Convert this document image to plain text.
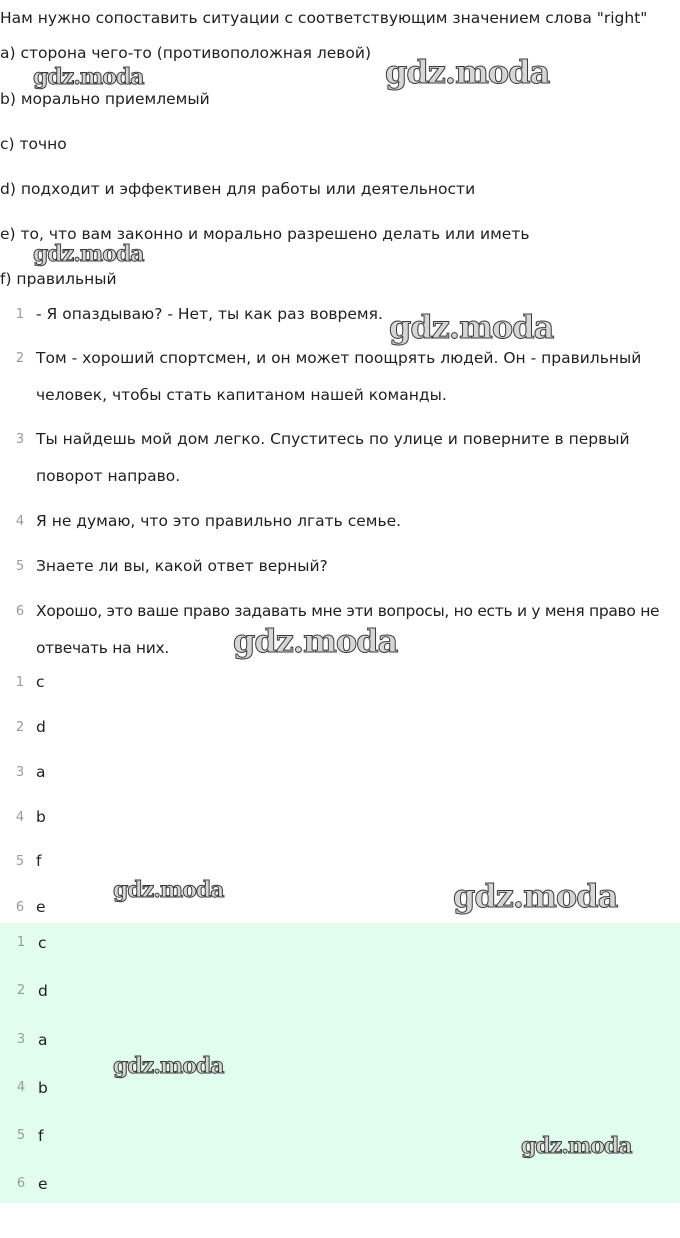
Нам нужно сопоставить ситуации с соответствующим значением слова "right"
a) сторона чего-то (противоположная левой)
b) морально приемлемый
c) точно
d) подходит и эффективен для работы или деятельности
e) то, что вам законно и морально разрешено делать или иметь
f) правильный
1 - Я опаздываю? - Нет, ты как раз вовремя.
2 Том - хороший спортсмен, и он может поощрять людей. Он - правильный человек, чтобы стать капитаном нашей команды.
3 Ты найдешь мой дом легко. Спуститесь по улице и поверните в первый поворот направо.
4 Я не думаю, что это правильно лгать семье.
5 Знаете ли вы, какой ответ верный?
6 Хорошо, это ваше право задавать мне эти вопросы, но есть и у меня право не отвечать на них.
1 c
2 d
3 a
4 b
5 f
6 e
1 c
2 d
3 a
4 b
5 f
6 e
gdz.moda	gdz.moda
gdz.moda
gdz.moda
gdz.moda
gdz.moda	gdz.moda
gdz.moda
gdz.moda
